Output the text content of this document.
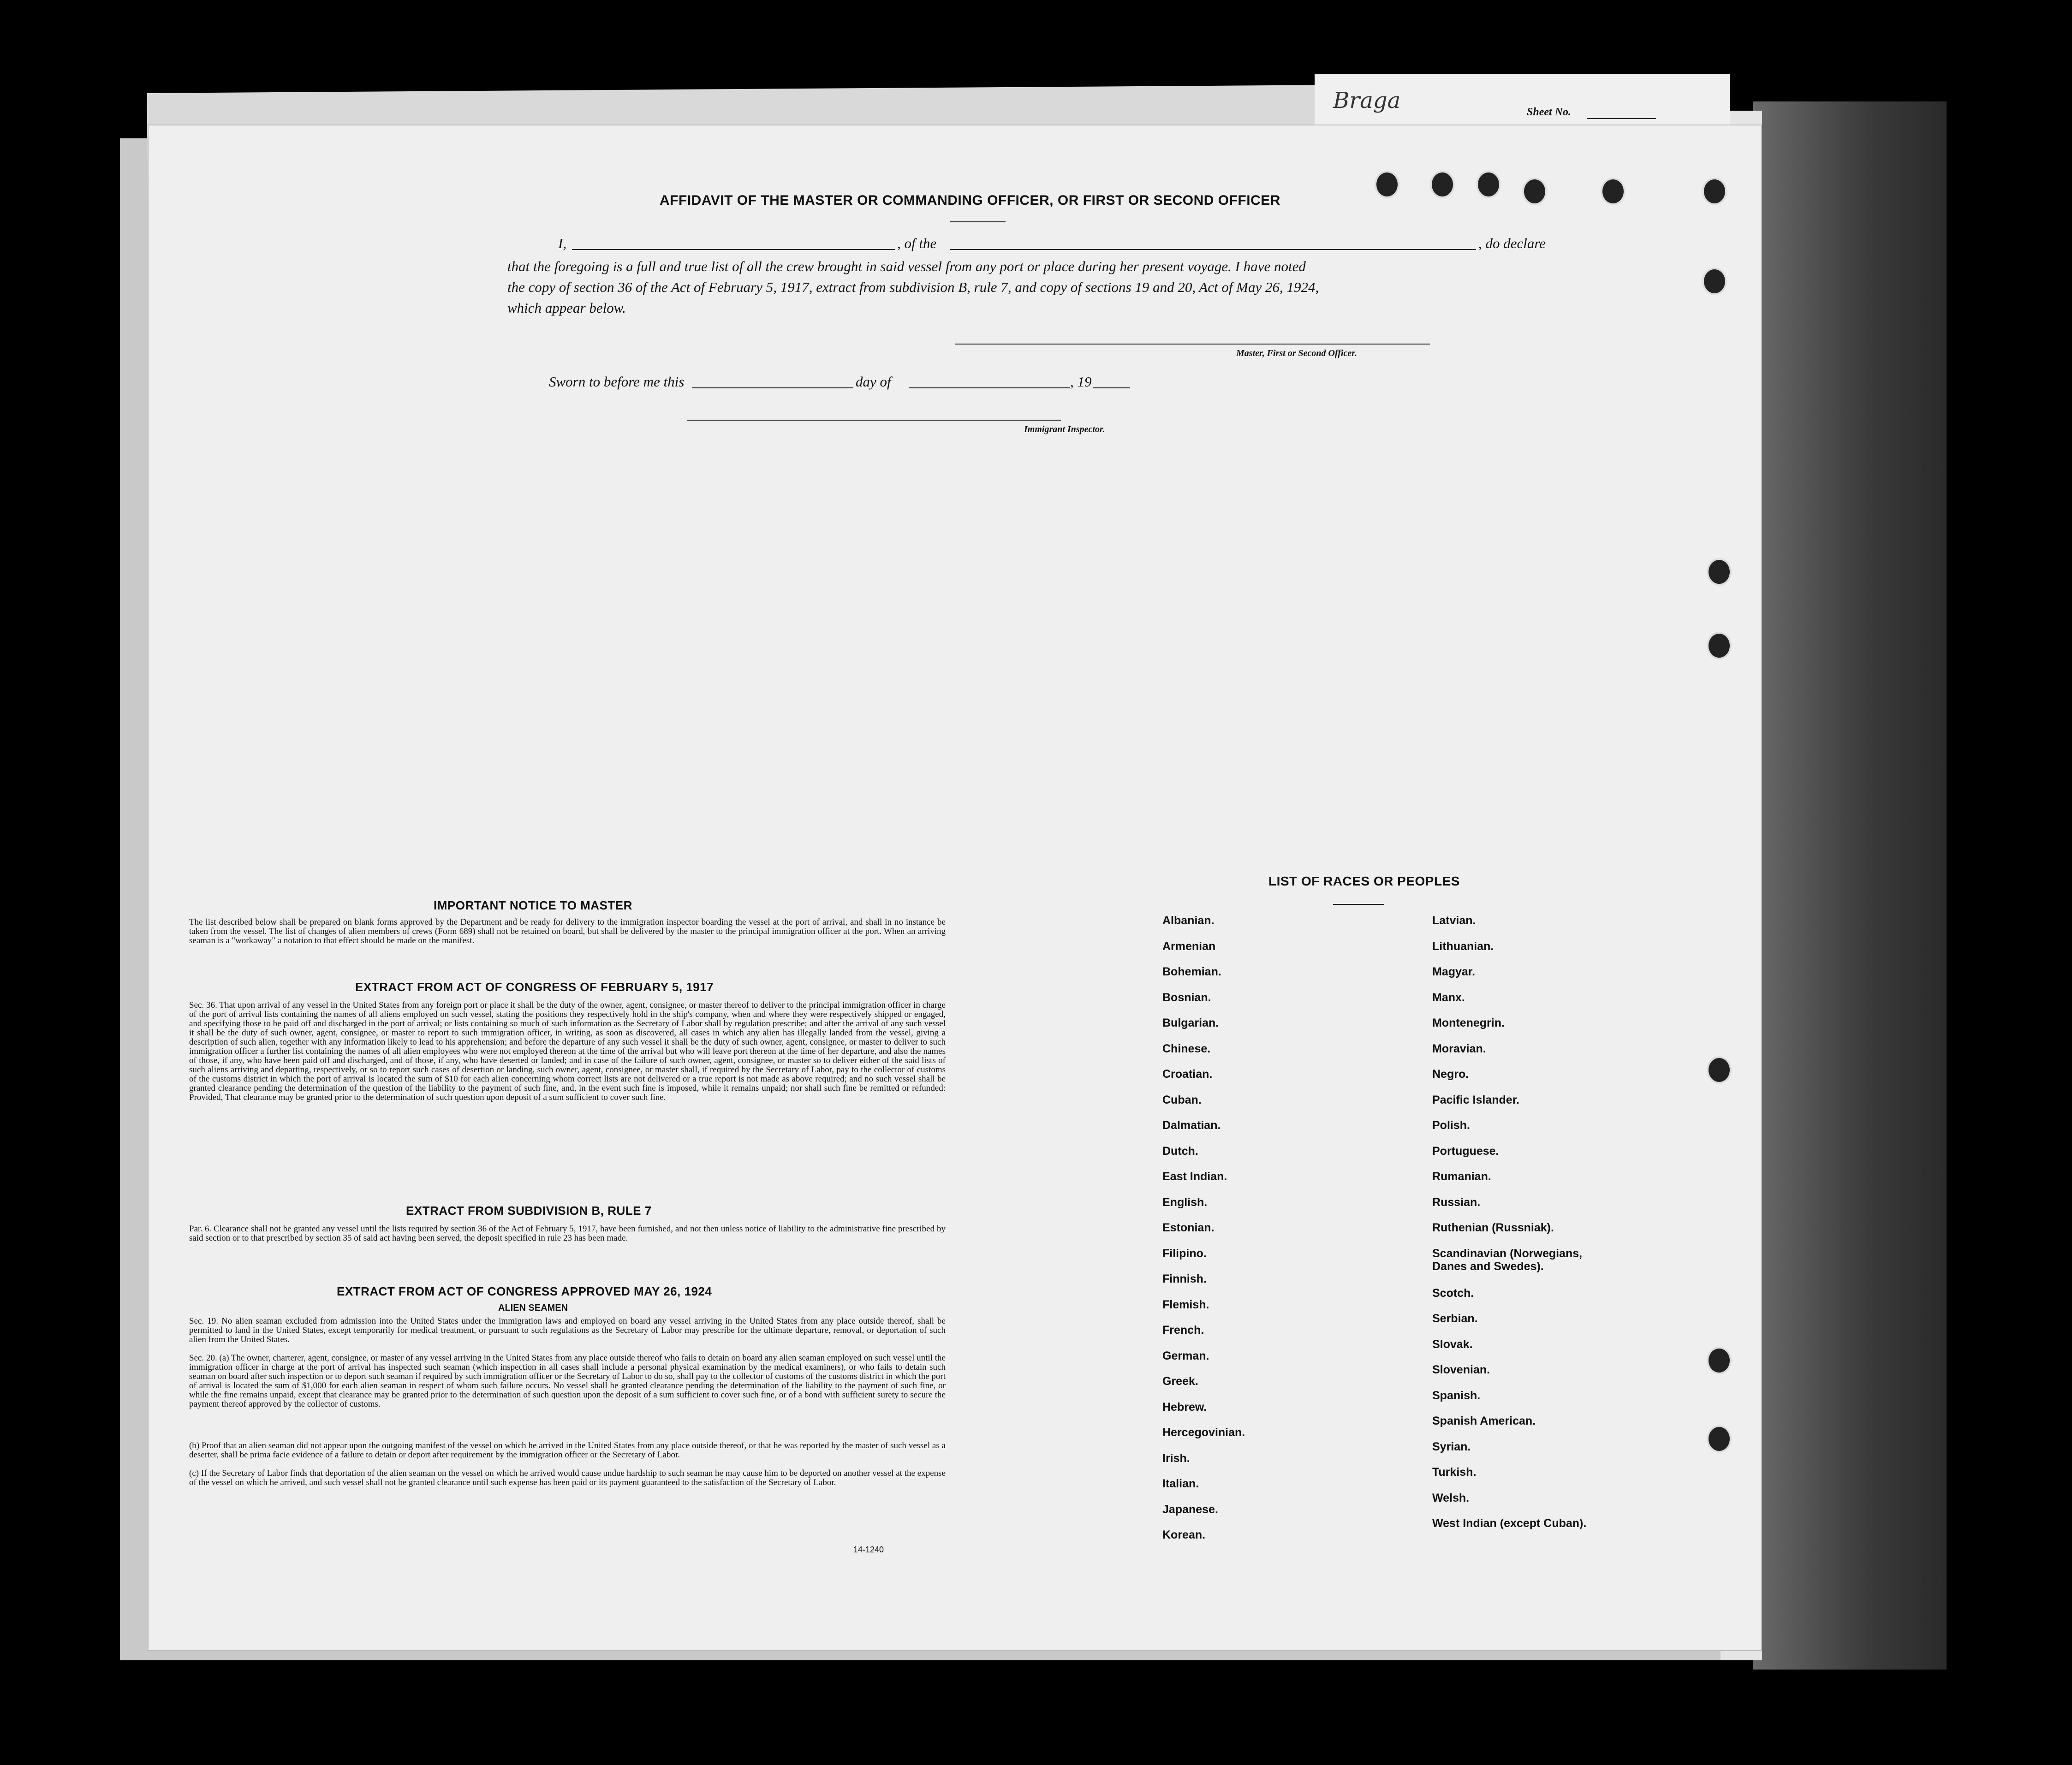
Braga	Sheet No.
AFFIDAVIT OF THE MASTER OR COMMANDING OFFICER, OR FIRST OR SECOND OFFICER
I,	, of the	, do declare
that the foregoing is a full and true list of all the crew brought in said vessel from any port or place during her present voyage. I have noted
the copy of section 36 of the Act of February 5, 1917, extract from subdivision B, rule 7, and copy of sections 19 and 20, Act of May 26, 1924,
which appear below.
Master, First or Second Officer.
Sworn to before me this	day of	, 19
Immigrant Inspector.
IMPORTANT NOTICE TO MASTER
The list described below shall be prepared on blank forms approved by the Department and be ready for delivery to the immigration inspector boarding the vessel at the port of arrival, and shall in no instance be taken from the vessel. The list of changes of alien members of crews (Form 689) shall not be retained on board, but shall be delivered by the master to the principal immigration officer at the port. When an arriving seaman is a "workaway" a notation to that effect should be made on the manifest.
EXTRACT FROM ACT OF CONGRESS OF FEBRUARY 5, 1917
Sec. 36. That upon arrival of any vessel in the United States from any foreign port or place it shall be the duty of the owner, agent, consignee, or master thereof to deliver to the principal immigration officer in charge of the port of arrival lists containing the names of all aliens employed on such vessel, stating the positions they respectively hold in the ship's company, when and where they were respectively shipped or engaged, and specifying those to be paid off and discharged in the port of arrival; or lists containing so much of such information as the Secretary of Labor shall by regulation prescribe; and after the arrival of any such vessel it shall be the duty of such owner, agent, consignee, or master to report to such immigration officer, in writing, as soon as discovered, all cases in which any alien has illegally landed from the vessel, giving a description of such alien, together with any information likely to lead to his apprehension; and before the departure of any such vessel it shall be the duty of such owner, agent, consignee, or master to deliver to such immigration officer a further list containing the names of all alien employees who were not employed thereon at the time of the arrival but who will leave port thereon at the time of her departure, and also the names of those, if any, who have been paid off and discharged, and of those, if any, who have deserted or landed; and in case of the failure of such owner, agent, consignee, or master so to deliver either of the said lists of such aliens arriving and departing, respectively, or so to report such cases of desertion or landing, such owner, agent, consignee, or master shall, if required by the Secretary of Labor, pay to the collector of customs of the customs district in which the port of arrival is located the sum of $10 for each alien concerning whom correct lists are not delivered or a true report is not made as above required; and no such vessel shall be granted clearance pending the determination of the question of the liability to the payment of such fine, and, in the event such fine is imposed, while it remains unpaid; nor shall such fine be remitted or refunded: Provided, That clearance may be granted prior to the determination of such question upon deposit of a sum sufficient to cover such fine.
EXTRACT FROM SUBDIVISION B, RULE 7
Par. 6. Clearance shall not be granted any vessel until the lists required by section 36 of the Act of February 5, 1917, have been furnished, and not then unless notice of liability to the administrative fine prescribed by said section or to that prescribed by section 35 of said act having been served, the deposit specified in rule 23 has been made.
EXTRACT FROM ACT OF CONGRESS APPROVED MAY 26, 1924
ALIEN SEAMEN
Sec. 19. No alien seaman excluded from admission into the United States under the immigration laws and employed on board any vessel arriving in the United States from any place outside thereof, shall be permitted to land in the United States, except temporarily for medical treatment, or pursuant to such regulations as the Secretary of Labor may prescribe for the ultimate departure, removal, or deportation of such alien from the United States.
Sec. 20. (a) The owner, charterer, agent, consignee, or master of any vessel arriving in the United States from any place outside thereof who fails to detain on board any alien seaman employed on such vessel until the immigration officer in charge at the port of arrival has inspected such seaman (which inspection in all cases shall include a personal physical examination by the medical examiners), or who fails to detain such seaman on board after such inspection or to deport such seaman if required by such immigration officer or the Secretary of Labor to do so, shall pay to the collector of customs of the customs district in which the port of arrival is located the sum of $1,000 for each alien seaman in respect of whom such failure occurs. No vessel shall be granted clearance pending the determination of the liability to the payment of such fine, or while the fine remains unpaid, except that clearance may be granted prior to the determination of such question upon the deposit of a sum sufficient to cover such fine, or of a bond with sufficient surety to secure the payment thereof approved by the collector of customs.
(b) Proof that an alien seaman did not appear upon the outgoing manifest of the vessel on which he arrived in the United States from any place outside thereof, or that he was reported by the master of such vessel as a deserter, shall be prima facie evidence of a failure to detain or deport after requirement by the immigration officer or the Secretary of Labor.
(c) If the Secretary of Labor finds that deportation of the alien seaman on the vessel on which he arrived would cause undue hardship to such seaman he may cause him to be deported on another vessel at the expense of the vessel on which he arrived, and such vessel shall not be granted clearance until such expense has been paid or its payment guaranteed to the satisfaction of the Secretary of Labor.
14-1240
LIST OF RACES OR PEOPLES
Albanian.
Armenian
Bohemian.
Bosnian.
Bulgarian.
Chinese.
Croatian.
Cuban.
Dalmatian.
Dutch.
East Indian.
English.
Estonian.
Filipino.
Finnish.
Flemish.
French.
German.
Greek.
Hebrew.
Hercegovinian.
Irish.
Italian.
Japanese.
Korean.
Latvian.
Lithuanian.
Magyar.
Manx.
Montenegrin.
Moravian.
Negro.
Pacific Islander.
Polish.
Portuguese.
Rumanian.
Russian.
Ruthenian (Russniak).
Scandinavian (Norwegians, Danes and Swedes).
Scotch.
Serbian.
Slovak.
Slovenian.
Spanish.
Spanish American.
Syrian.
Turkish.
Welsh.
West Indian (except Cuban).
